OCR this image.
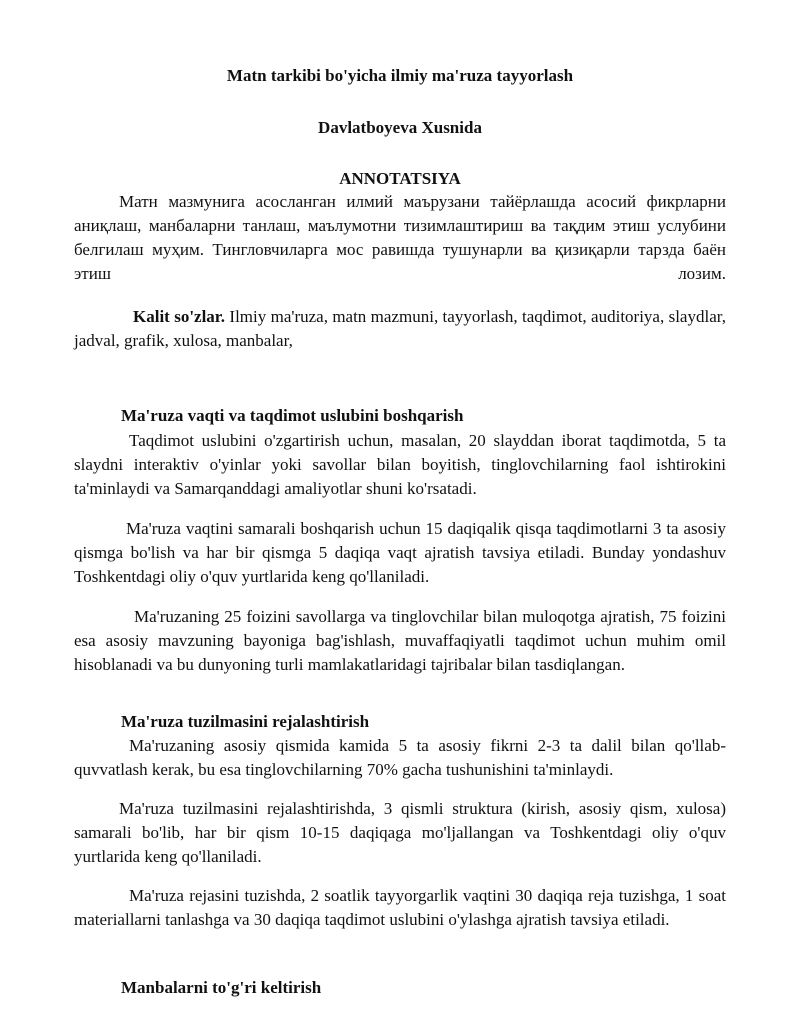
Matn tarkibi bo'yicha ilmiy ma'ruza tayyorlash

Davlatboyeva Xusnida

ANNOTATSIYA

Матн мазмунига асосланган илмий маърузани тайёрлашда асосий фикрларни аниқлаш, манбаларни танлаш, маълумотни тизимлаштириш ва тақдим этиш услубини белгилаш муҳим. Тингловчиларга мос равишда тушунарли ва қизиқарли тарзда баён этиш лозим.

Kalit so'zlar. Ilmiy ma'ruza, matn mazmuni, tayyorlash, taqdimot, auditoriya, slaydlar, jadval, grafik, xulosa, manbalar,

Ma'ruza vaqti va taqdimot uslubini boshqarish

Taqdimot uslubini o'zgartirish uchun, masalan, 20 slayddan iborat taqdimotda, 5 ta slaydni interaktiv o'yinlar yoki savollar bilan boyitish, tinglovchilarning faol ishtirokini ta'minlaydi va Samarqanddagi amaliyotlar shuni ko'rsatadi.

Ma'ruza vaqtini samarali boshqarish uchun 15 daqiqalik qisqa taqdimotlarni 3 ta asosiy qismga bo'lish va har bir qismga 5 daqiqa vaqt ajratish tavsiya etiladi. Bunday yondashuv Toshkentdagi oliy o'quv yurtlarida keng qo'llaniladi.

Ma'ruzaning 25 foizini savollarga va tinglovchilar bilan muloqotga ajratish, 75 foizini esa asosiy mavzuning bayoniga bag'ishlash, muvaffaqiyatli taqdimot uchun muhim omil hisoblanadi va bu dunyoning turli mamlakatlaridagi tajribalar bilan tasdiqlangan.

Ma'ruza tuzilmasini rejalashtirish

Ma'ruzaning asosiy qismida kamida 5 ta asosiy fikrni 2-3 ta dalil bilan qo'llab-quvvatlash kerak, bu esa tinglovchilarning 70% gacha tushunishini ta'minlaydi.

Ma'ruza tuzilmasini rejalashtirishda, 3 qismli struktura (kirish, asosiy qism, xulosa) samarali bo'lib, har bir qism 10-15 daqiqaga mo'ljallangan va Toshkentdagi oliy o'quv yurtlarida keng qo'llaniladi.

Ma'ruza rejasini tuzishda, 2 soatlik tayyorgarlik vaqtini 30 daqiqa reja tuzishga, 1 soat materiallarni tanlashga va 30 daqiqa taqdimot uslubini o'ylashga ajratish tavsiya etiladi.

Manbalarni to'g'ri keltirish
